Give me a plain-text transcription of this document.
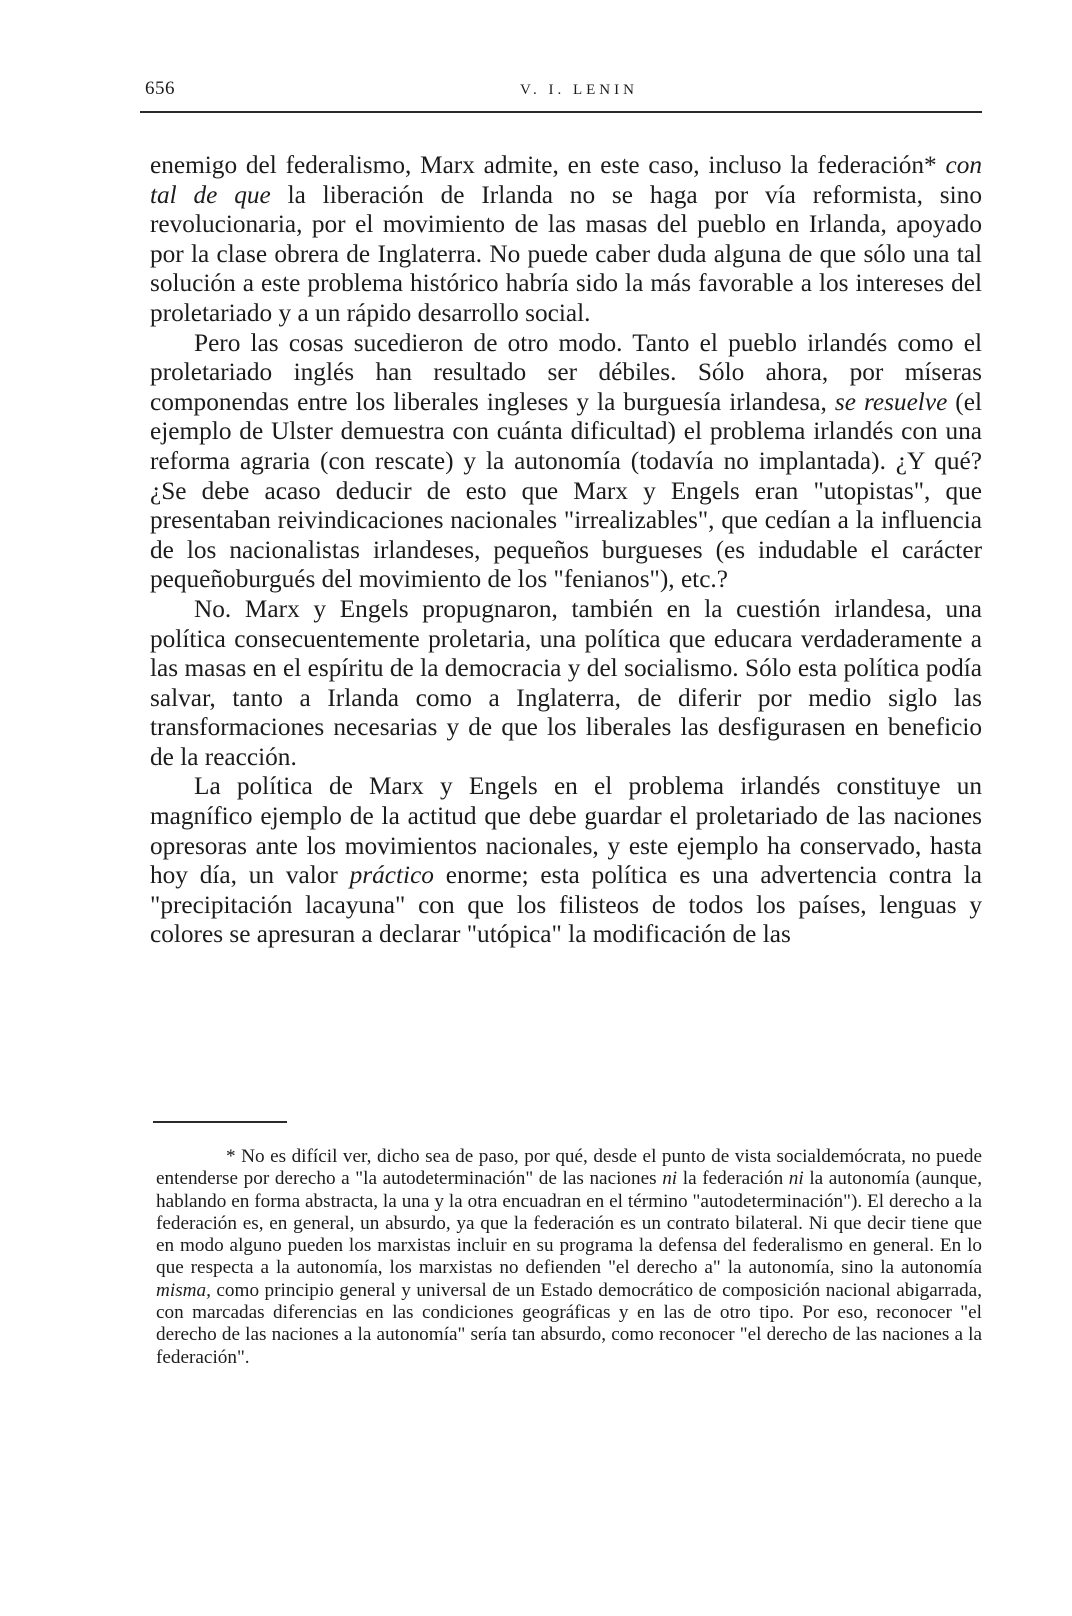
656	V. I. LENIN

enemigo del federalismo, Marx admite, en este caso, incluso la federación* con tal de que la liberación de Irlanda no se haga por vía reformista, sino revolucionaria, por el movimiento de las masas del pueblo en Irlanda, apoyado por la clase obrera de Inglaterra. No puede caber duda alguna de que sólo una tal solución a este problema histórico habría sido la más favorable a los intereses del proletariado y a un rápido desarrollo social.

Pero las cosas sucedieron de otro modo. Tanto el pueblo irlandés como el proletariado inglés han resultado ser débiles. Sólo ahora, por míseras componendas entre los liberales ingleses y la burguesía irlandesa, se resuelve (el ejemplo de Ulster demuestra con cuánta dificultad) el problema irlandés con una reforma agraria (con rescate) y la autonomía (todavía no implantada). ¿Y qué? ¿Se debe acaso deducir de esto que Marx y Engels eran "utopistas", que presentaban reivindicaciones nacionales "irrealizables", que cedían a la influencia de los nacionalistas irlandeses, pequeños burgueses (es indudable el carácter pequeñoburgués del movimiento de los "fenianos"), etc.?

No. Marx y Engels propugnaron, también en la cuestión irlandesa, una política consecuentemente proletaria, una política que educara verdaderamente a las masas en el espíritu de la democracia y del socialismo. Sólo esta política podía salvar, tanto a Irlanda como a Inglaterra, de diferir por medio siglo las transformaciones necesarias y de que los liberales las desfigurasen en beneficio de la reacción.

La política de Marx y Engels en el problema irlandés constituye un magnífico ejemplo de la actitud que debe guardar el proletariado de las naciones opresoras ante los movimientos nacionales, y este ejemplo ha conservado, hasta hoy día, un valor práctico enorme; esta política es una advertencia contra la "precipitación lacayuna" con que los filisteos de todos los países, lenguas y colores se apresuran a declarar "utópica" la modificación de las

* No es difícil ver, dicho sea de paso, por qué, desde el punto de vista socialdemócrata, no puede entenderse por derecho a "la autodeterminación" de las naciones ni la federación ni la autonomía (aunque, hablando en forma abstracta, la una y la otra encuadran en el término "autodeterminación"). El derecho a la federación es, en general, un absurdo, ya que la federación es un contrato bilateral. Ni que decir tiene que en modo alguno pueden los marxistas incluir en su programa la defensa del federalismo en general. En lo que respecta a la autonomía, los marxistas no defienden "el derecho a" la autonomía, sino la autonomía misma, como principio general y universal de un Estado democrático de composición nacional abigarrada, con marcadas diferencias en las condiciones geográficas y en las de otro tipo. Por eso, reconocer "el derecho de las naciones a la autonomía" sería tan absurdo, como reconocer "el derecho de las naciones a la federación".
